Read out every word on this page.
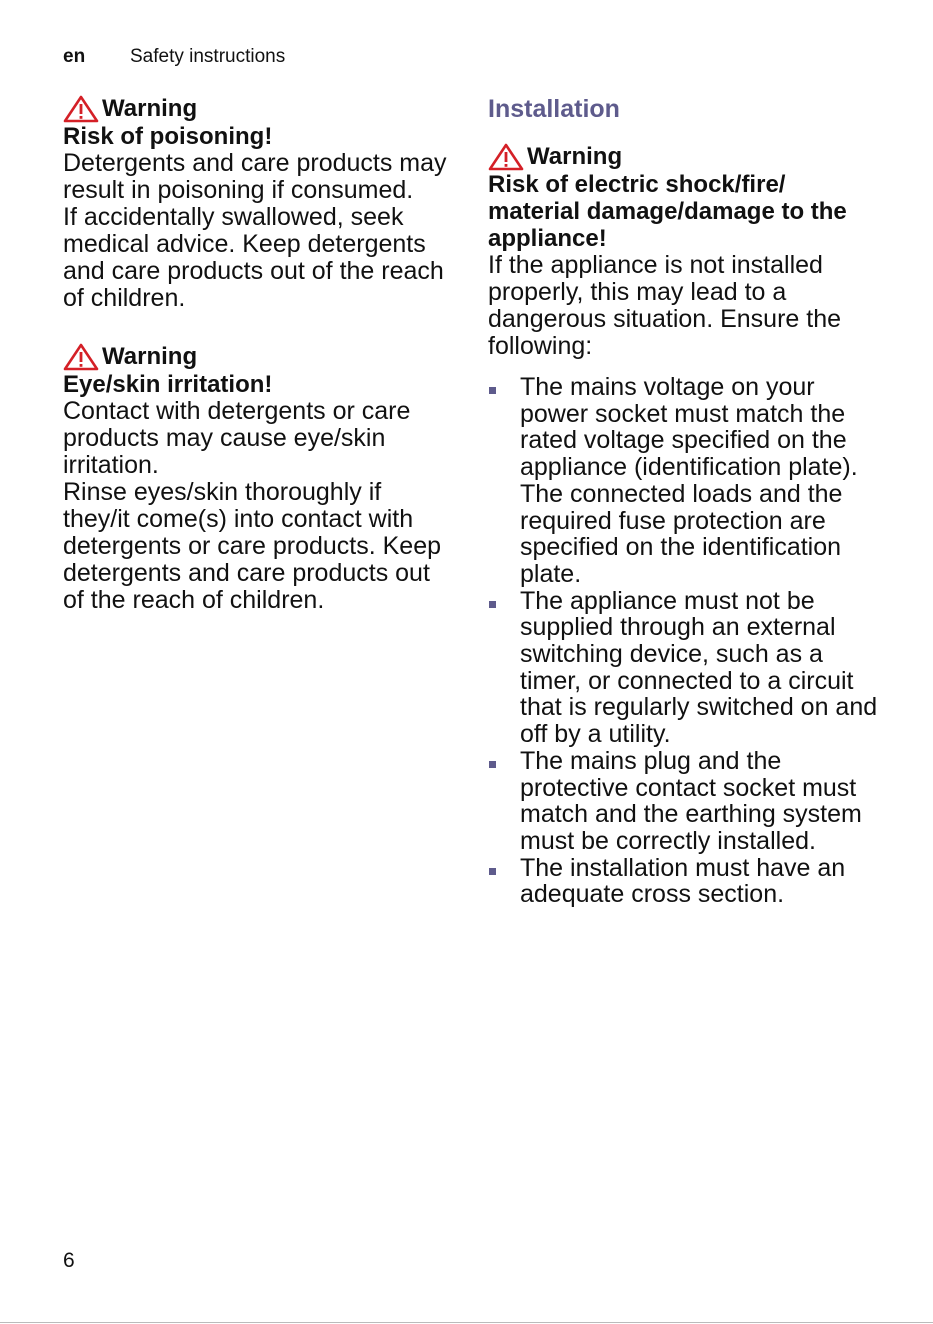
en Safety instructions
Warning
Risk of poisoning!

Detergents and care products may result in poisoning if consumed.

If accidentally swallowed, seek medical advice. Keep detergents and care products out of the reach of children.

Warning
Eye/skin irritation!

Contact with detergents or care products may cause eye/skin irritation.

Rinse eyes/skin thoroughly if they/it come(s) into contact with detergents or care products. Keep detergents and care products out of the reach of children.

Installation
Warning
Risk of electric shock/fire/ material damage/damage to the appliance!

If the appliance is not installed properly, this may lead to a dangerous situation. Ensure the following:

The mains voltage on your power socket must match the rated voltage specified on the appliance (identification plate). The connected loads and the required fuse protection are specified on the identification plate.
The appliance must not be supplied through an external switching device, such as a timer, or connected to a circuit that is regularly switched on and off by a utility.
The mains plug and the protective contact socket must match and the earthing system must be correctly installed.
The installation must have an adequate cross section.
6
